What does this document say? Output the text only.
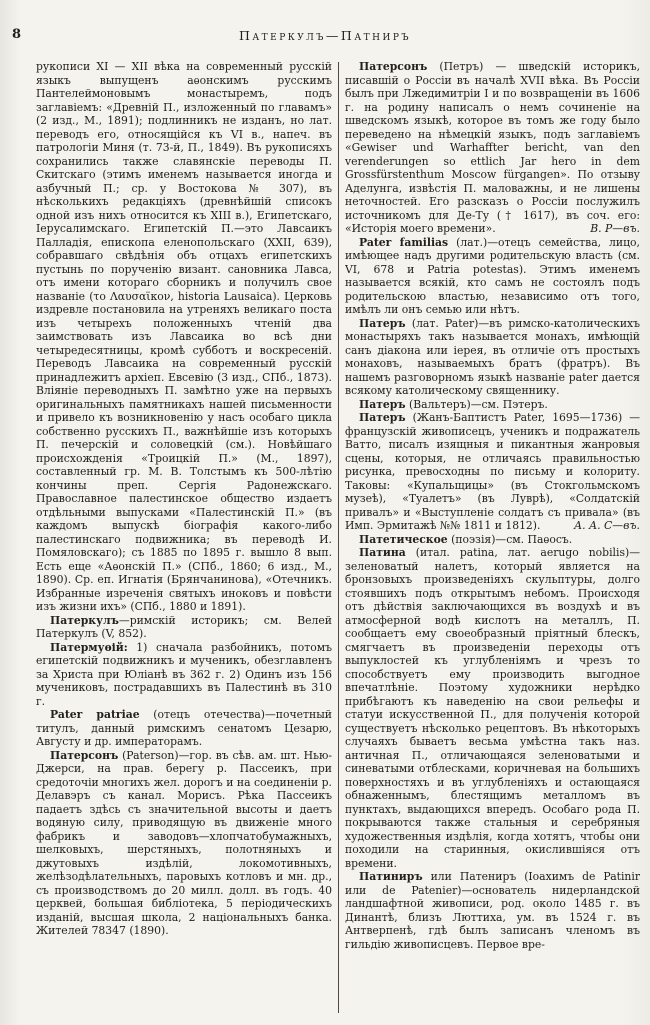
8	Патеркулъ—Патниръ

рукописи XI — XII вѣка на современный русскій языкъ выпущенъ аѳонскимъ русскимъ Пантелеймоновымъ монастыремъ, подъ заглавіемъ: «Древній П., изложенный по главамъ» (2 изд., М., 1891); подлинникъ не изданъ, но лат. переводъ его, относящійся къ VI в., напеч. въ патрологіи Миня (т. 73-й, П., 1849). Въ рукописяхъ сохранились также славянскіе переводы П. Скитскаго (этимъ именемъ называется иногда и азбучный П.; ср. у Востокова № 307), въ нѣсколькихъ редакціяхъ (древнѣйшій списокъ одной изъ нихъ относится къ XIII в.), Египетскаго, Іерусалимскаго. Египетскій П.—это Лавсаикъ Палладія, епископа еленопольскаго (XXII, 639), собравшаго свѣдѣнія объ отцахъ египетскихъ пустынь по порученію визант. сановника Лавса, отъ имени котораго сборникъ и получилъ свое названіе (το Λαυσαϊκον, historia Lausaica). Церковь издревле постановила на утреняхъ великаго поста изъ четырехъ положенныхъ чтеній два заимствовать изъ Лавсаика во всѣ дни четыредесятницы, кромѣ субботъ и воскресеній. Переводъ Лавсаика на современный русскій принадлежитъ архіеп. Евсевію (3 изд., СПб., 1873). Вліяніе переводныхъ П. замѣтно уже на первыхъ оригинальныхъ памятникахъ нашей письменности и привело къ возникновенію у насъ особаго цикла собственно русскихъ П., важнѣйшіе изъ которыхъ П. печерскій и соловецкій (см.). Новѣйшаго происхожденія «Троицкій П.» (М., 1897), составленный гр. М. В. Толстымъ къ 500-лѣтію кончины преп. Сергія Радонежскаго. Православное палестинское общество издаетъ отдѣльными выпусками «Палестинскій П.» (въ каждомъ выпускѣ біографія какого-либо палестинскаго подвижника; въ переводѣ И. Помяловскаго); съ 1885 по 1895 г. вышло 8 вып. Есть еще «Аѳонскій П.» (СПб., 1860; 6 изд., М., 1890). Ср. еп. Игнатія (Брянчанинова), «Отечникъ. Избранные изреченія святыхъ иноковъ и повѣсти изъ жизни ихъ» (СПб., 1880 и 1891).

Патеркулъ—римскій историкъ; см. Велей Патеркулъ (V, 852).

Патермуѳій: 1) сначала разбойникъ, потомъ египетскій подвижникъ и мученикъ, обезглавленъ за Христа при Юліанѣ въ 362 г. 2) Одинъ изъ 156 мучениковъ, пострадавшихъ въ Палестинѣ въ 310 г.

Pater patriae (отецъ отечества)—почетный титулъ, данный римскимъ сенатомъ Цезарю, Августу и др. императорамъ.

Патерсонъ (Paterson)—гор. въ сѣв. ам. шт. Нью-Джерси, на прав. берегу р. Пассеикъ, при средоточіи многихъ жел. дорогъ и на соединеніи р. Делавэръ съ канал. Морисъ. Рѣка Пассеикъ падаетъ здѣсь съ значительной высоты и даетъ водяную силу, приводящую въ движеніе много фабрикъ и заводовъ—хлопчатобумажныхъ, шелковыхъ, шерстяныхъ, полотняныхъ и джутовыхъ издѣлій, локомотивныхъ, желѣзодѣлательныхъ, паровыхъ котловъ и мн. др., съ производствомъ до 20 милл. долл. въ годъ. 40 церквей, большая библіотека, 5 періодическихъ изданій, высшая школа, 2 національныхъ банка. Жителей 78347 (1890).

Патерсонъ (Петръ) — шведскій историкъ, писавшій о Россіи въ началѣ XVII вѣка. Въ Россіи былъ при Лжедимитріи I и по возвращеніи въ 1606 г. на родину написалъ о немъ сочиненіе на шведскомъ языкѣ, которое въ томъ же году было переведено на нѣмецкій языкъ, подъ заглавіемъ «Gewiser und Warhaffter bericht, van den verenderungen so ettlich Jar hero in dem Grossfürstenthum Moscow fürgangen». По отзыву Аделунга, извѣстія П. маловажны, и не лишены неточностей. Его разсказъ о Россіи послужилъ источникомъ для Де-Ту († 1617), въ соч. его: «Исторія моего времени».	В. Р—въ.

Pater familias (лат.)—отецъ семейства, лицо, имѣющее надъ другими родительскую власть (см. VI, 678 и Patria potestas). Этимъ именемъ называется всякій, кто самъ не состоялъ подъ родительскою властью, независимо отъ того, имѣлъ ли онъ семью или нѣтъ.

Патеръ (лат. Pater)—въ римско-католическихъ монастыряхъ такъ называется монахъ, имѣющій санъ діакона или іерея, въ отличіе отъ простыхъ монаховъ, называемыхъ братъ (фратръ). Въ нашемъ разговорномъ языкѣ названіе pater дается всякому католическому священнику.

Патеръ (Вальтеръ)—см. Пэтеръ.

Патеръ (Жанъ-Баптистъ Pater, 1695—1736) — французскій живописецъ, ученикъ и подражатель Ватто, писалъ изящныя и пикантныя жанровыя сцены, которыя, не отличаясь правильностью рисунка, превосходны по письму и колориту. Таковы: «Купальщицы» (въ Стокгольмскомъ музеѣ), «Туалетъ» (въ Луврѣ), «Солдатскій привалъ» и «Выступленіе солдатъ съ привала» (въ Имп. Эрмитажѣ №№ 1811 и 1812).	А. А. С—въ.

Патетическое (поэзія)—см. Паѳосъ.

Патина (итал. patina, лат. aerugo nobilis)—зеленоватый налетъ, который является на бронзовыхъ произведеніяхъ скульптуры, долго стоявшихъ подъ открытымъ небомъ. Происходя отъ дѣйствія заключающихся въ воздухѣ и въ атмосферной водѣ кислотъ на металлъ, П. сообщаетъ ему своеобразный пріятный блескъ, смягчаетъ въ произведеніи переходы отъ выпуклостей къ углубленіямъ и чрезъ то способствуетъ ему производить выгодное впечатлѣніе. Поэтому художники нерѣдко прибѣгаютъ къ наведенію на свои рельефы и статуи искусственной П., для полученія которой существуетъ нѣсколько рецептовъ. Въ нѣкоторыхъ случаяхъ бываетъ весьма умѣстна такъ наз. античная П., отличающаяся зеленоватыми и синеватыми отблесками, коричневая на большихъ поверхностяхъ и въ углубленіяхъ и остающаяся обнаженнымъ, блестящимъ металломъ въ пунктахъ, выдающихся впередъ. Особаго рода П. покрываются также стальныя и серебряныя художественныя издѣлія, когда хотятъ, чтобы они походили на старинныя, окислившіяся отъ времени.

Патиниръ или Патениръ (Іоахимъ de Patinir или de Patenier)—основатель нидерландской ландшафтной живописи, род. около 1485 г. въ Динантѣ, близъ Люттиха, ум. въ 1524 г. въ Антверпенѣ, гдѣ былъ записанъ членомъ въ гильдію живописцевъ. Первое вре-
